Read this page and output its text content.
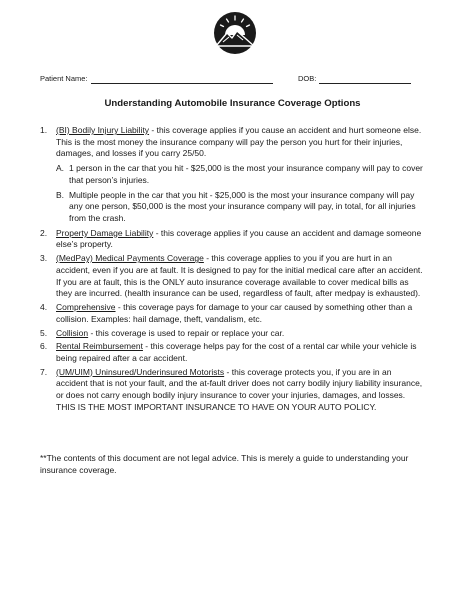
Patient Name:	DOB:
Understanding Automobile Insurance Coverage Options
1.	(BI) Bodily Injury Liability - this coverage applies if you cause an accident and hurt someone else. This is the most money the insurance company will pay the person you hurt for their injuries, damages, and losses if you carry 25/50.
A. 1 person in the car that you hit - $25,000 is the most your insurance company will pay to cover that person’s injuries.
B. Multiple people in the car that you hit - $25,000 is the most your insurance company will pay any one person, $50,000 is the most your insurance company will pay, in total, for all injuries from the crash.
2.	Property Damage Liability - this coverage applies if you cause an accident and damage someone else’s property.
3.	(MedPay) Medical Payments Coverage - this coverage applies to you if you are hurt in an accident, even if you are at fault. It is designed to pay for the initial medical care after an accident. If you are at fault, this is the ONLY auto insurance coverage available to cover medical bills as they are incurred. (health insurance can be used, regardless of fault, after medpay is exhausted).
4.	Comprehensive - this coverage pays for damage to your car caused by something other than a collision. Examples: hail damage, theft, vandalism, etc.
5.	Collision - this coverage is used to repair or replace your car.
6.	Rental Reimbursement - this coverage helps pay for the cost of a rental car while your vehicle is being repaired after a car accident.
7.	(UM/UIM) Uninsured/Underinsured Motorists - this coverage protects you, if you are in an accident that is not your fault, and the at-fault driver does not carry bodily injury liability insurance, or does not carry enough bodily injury insurance to cover your injuries, damages, and losses. THIS IS THE MOST IMPORTANT INSURANCE TO HAVE ON YOUR AUTO POLICY.
**The contents of this document are not legal advice. This is merely a guide to understanding your insurance coverage.
